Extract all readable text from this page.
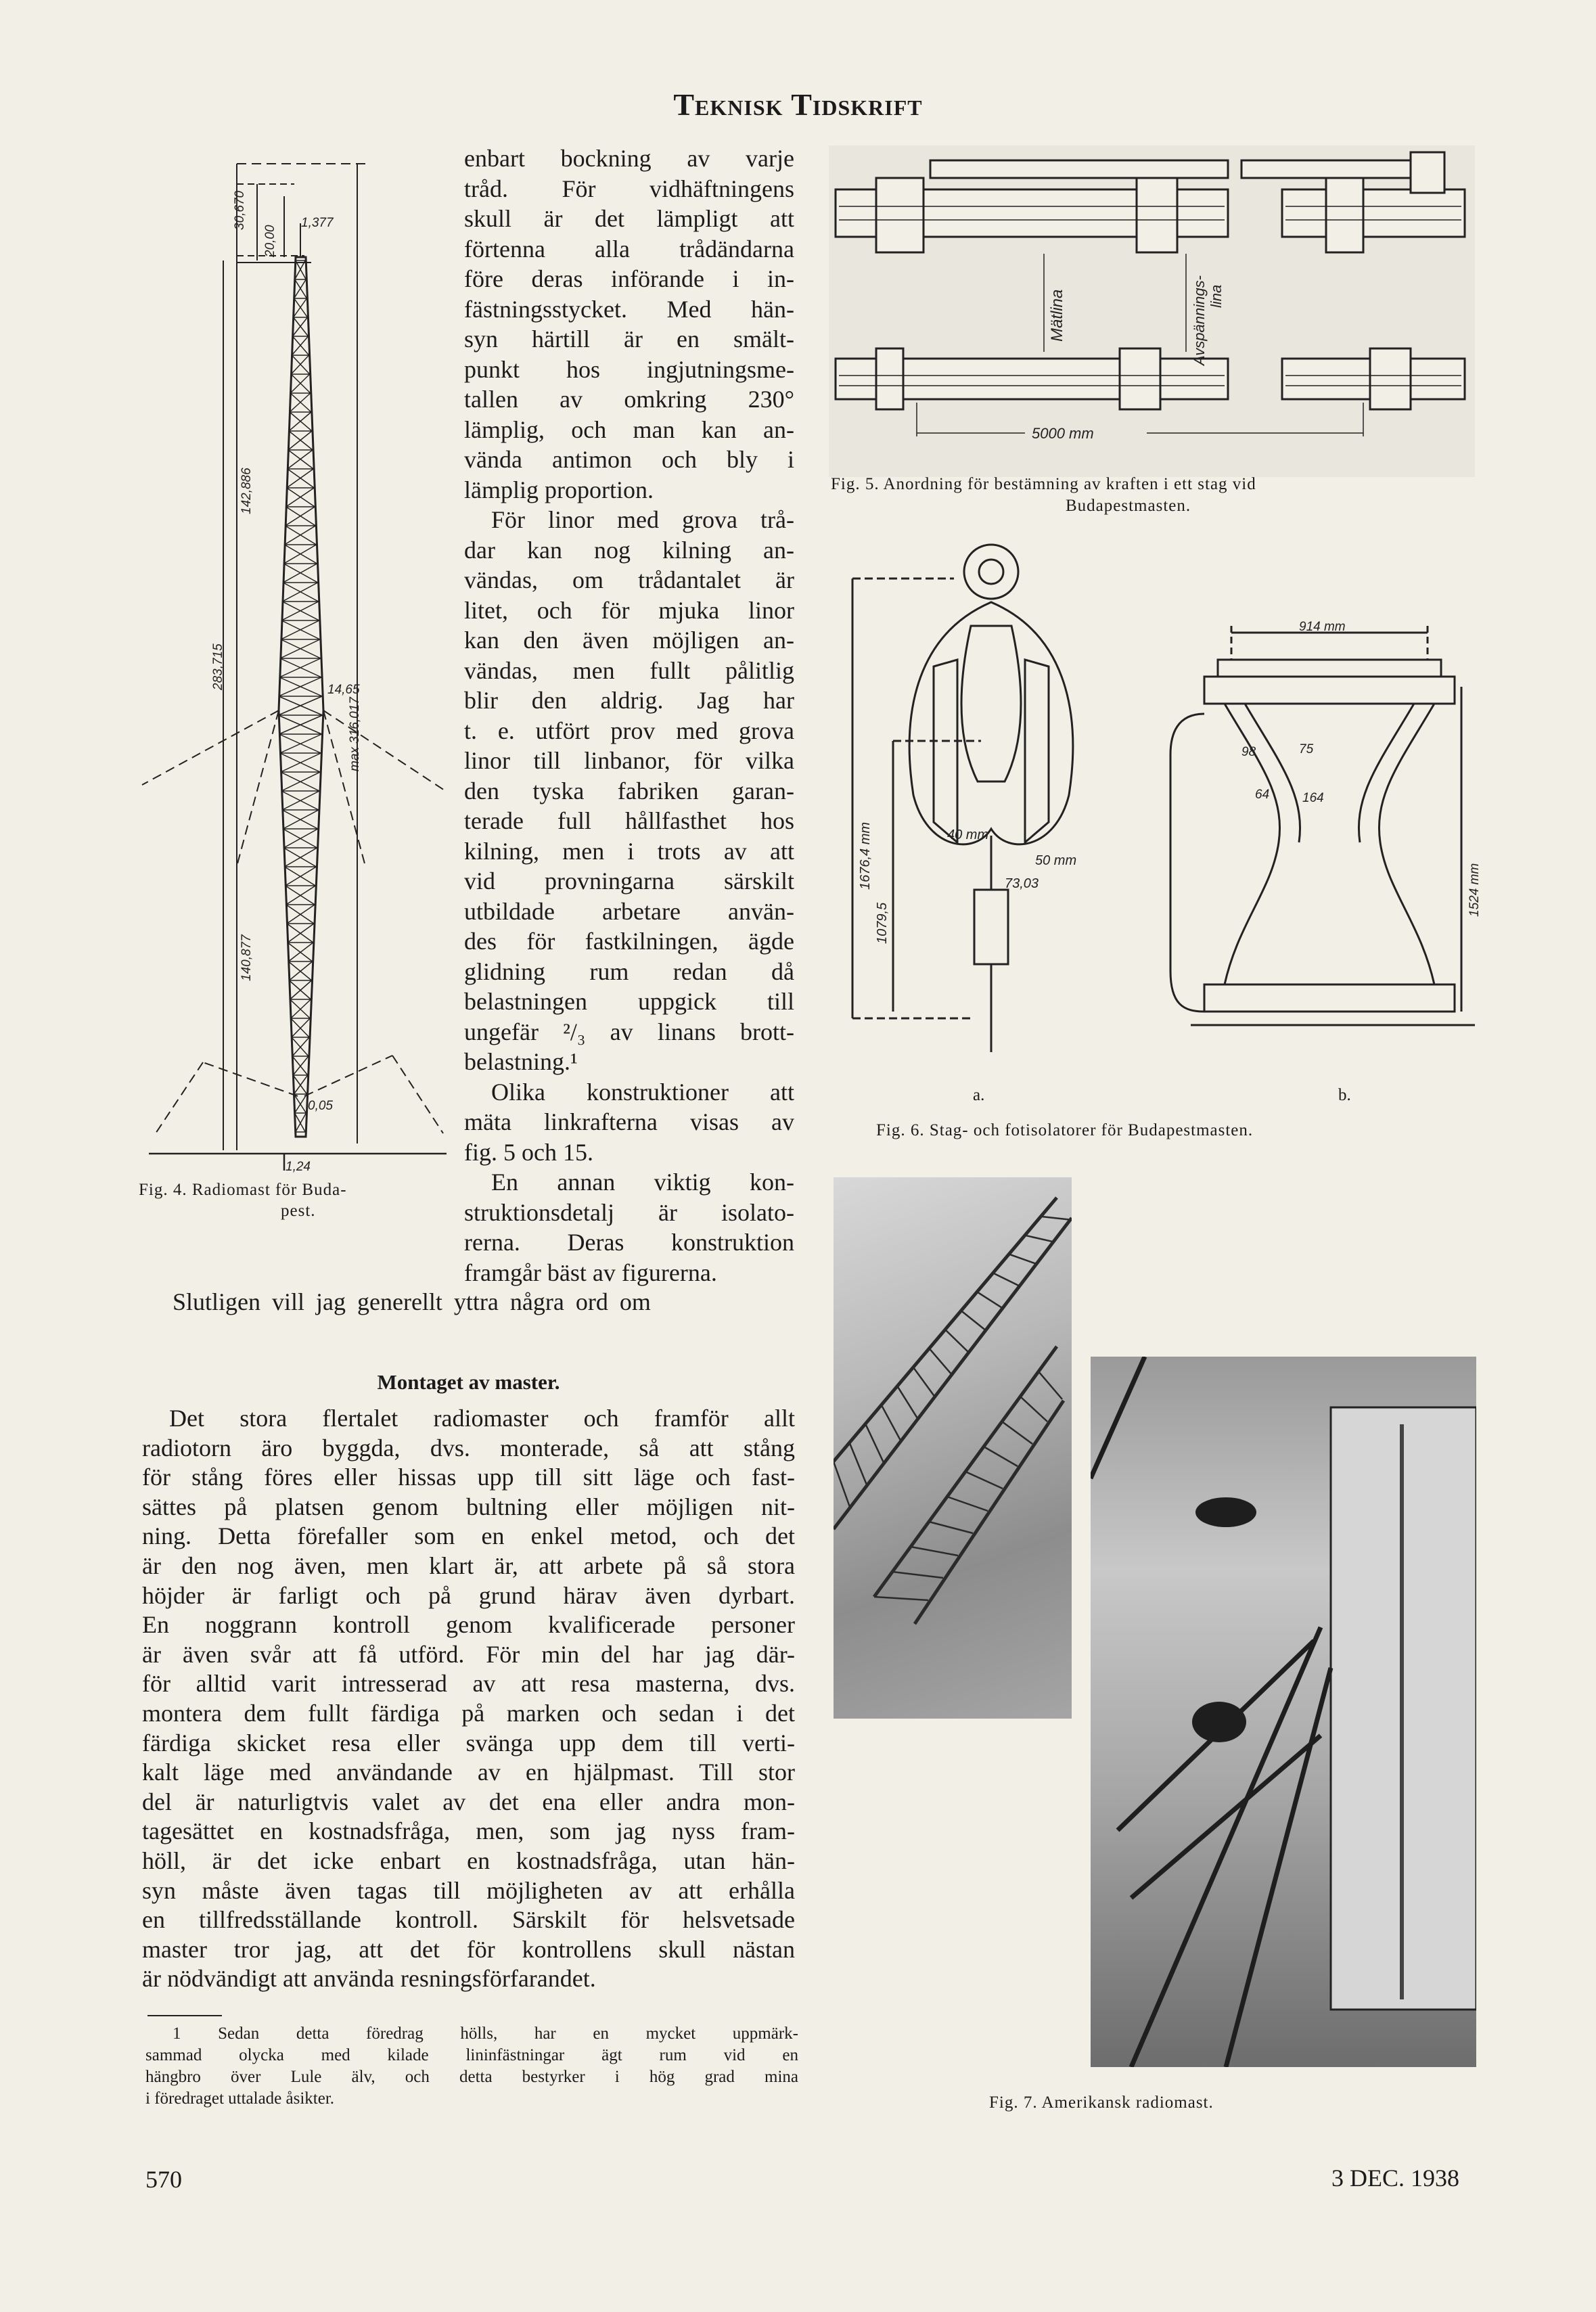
Teknisk Tidskrift
30,670
20,00
1,377
142,886
283,715
max 316,017
14,65
140,877
0,05
1,24
Fig. 4. Radiomast för Buda-
pest.
enbart bockning av varje
tråd. För vidhäftningens
skull är det lämpligt att
förtenna alla trådändarna
före deras införande i in-
fästningsstycket. Med hän-
syn härtill är en smält-
punkt hos ingjutningsme-
tallen av omkring 230°
lämplig, och man kan an-
vända antimon och bly i
lämplig proportion.
För linor med grova trå-
dar kan nog kilning an-
vändas, om trådantalet är
litet, och för mjuka linor
kan den även möjligen an-
vändas, men fullt pålitlig
blir den aldrig. Jag har
t. e. utfört prov med grova
linor till linbanor, för vilka
den tyska fabriken garan-
terade full hållfasthet hos
kilning, men i trots av att
vid provningarna särskilt
utbildade arbetare använ-
des för fastkilningen, ägde
glidning rum redan då
belastningen uppgick till
ungefär ²/₃ av linans brott-
belastning.¹
Olika konstruktioner att
mäta linkrafterna visas av
fig. 5 och 15.
En annan viktig kon-
struktionsdetalj är isolato-
rerna. Deras konstruktion
framgår bäst av figurerna.
Slutligen vill jag generellt yttra några ord om
Montaget av master.
Det stora flertalet radiomaster och framför allt
radiotorn äro byggda, dvs. monterade, så att stång
för stång föres eller hissas upp till sitt läge och fast-
sättes på platsen genom bultning eller möjligen nit-
ning. Detta förefaller som en enkel metod, och det
är den nog även, men klart är, att arbete på så stora
höjder är farligt och på grund härav även dyrbart.
En noggrann kontroll genom kvalificerade personer
är även svår att få utförd. För min del har jag där-
för alltid varit intresserad av att resa masterna, dvs.
montera dem fullt färdiga på marken och sedan i det
färdiga skicket resa eller svänga upp dem till verti-
kalt läge med användande av en hjälpmast. Till stor
del är naturligtvis valet av det ena eller andra mon-
tagesättet en kostnadsfråga, men, som jag nyss fram-
höll, är det icke enbart en kostnadsfråga, utan hän-
syn måste även tagas till möjligheten av att erhålla
en tillfredsställande kontroll. Särskilt för helsvetsade
master tror jag, att det för kontrollens skull nästan
är nödvändigt att använda resningsförfarandet.
1 Sedan detta föredrag hölls, har en mycket uppmärk-
sammad olycka med kilade lininfästningar ägt rum vid en
hängbro över Lule älv, och detta bestyrker i hög grad mina
i föredraget uttalade åsikter.
Mätlina	Avspännings- lina
5000 mm
Fig. 5. Anordning för bestämning av kraften i ett stag vid
Budapestmasten.
1676,4 mm
1079,5
40 mm
50 mm
73,03
914 mm
98	75
64	164
1524 mm
a.	b.
Fig. 6. Stag- och fotisolatorer för Budapestmasten.
Fig. 7. Amerikansk radiomast.
570	3 DEC. 1938
